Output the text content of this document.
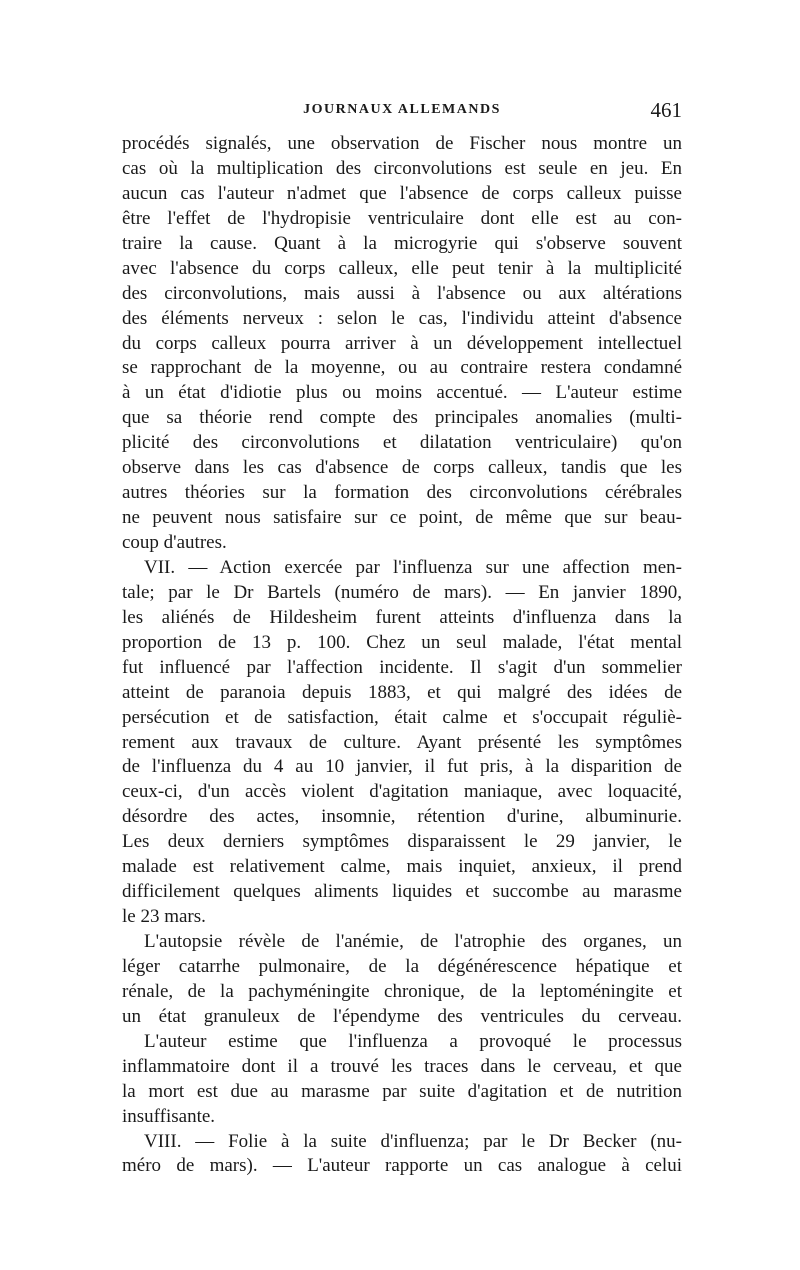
JOURNAUX ALLEMANDS	461
procédés signalés, une observation de Fischer nous montre un
cas où la multiplication des circonvolutions est seule en jeu. En
aucun cas l'auteur n'admet que l'absence de corps calleux puisse
être l'effet de l'hydropisie ventriculaire dont elle est au con-
traire la cause. Quant à la microgyrie qui s'observe souvent
avec l'absence du corps calleux, elle peut tenir à la multiplicité
des circonvolutions, mais aussi à l'absence ou aux altérations
des éléments nerveux : selon le cas, l'individu atteint d'absence
du corps calleux pourra arriver à un développement intellectuel
se rapprochant de la moyenne, ou au contraire restera condamné
à un état d'idiotie plus ou moins accentué. — L'auteur estime
que sa théorie rend compte des principales anomalies (multi-
plicité des circonvolutions et dilatation ventriculaire) qu'on
observe dans les cas d'absence de corps calleux, tandis que les
autres théories sur la formation des circonvolutions cérébrales
ne peuvent nous satisfaire sur ce point, de même que sur beau-
coup d'autres.
VII. — Action exercée par l'influenza sur une affection men-
tale; par le Dr Bartels (numéro de mars). — En janvier 1890,
les aliénés de Hildesheim furent atteints d'influenza dans la
proportion de 13 p. 100. Chez un seul malade, l'état mental
fut influencé par l'affection incidente. Il s'agit d'un sommelier
atteint de paranoia depuis 1883, et qui malgré des idées de
persécution et de satisfaction, était calme et s'occupait réguliè-
rement aux travaux de culture. Ayant présenté les symptômes
de l'influenza du 4 au 10 janvier, il fut pris, à la disparition de
ceux-ci, d'un accès violent d'agitation maniaque, avec loquacité,
désordre des actes, insomnie, rétention d'urine, albuminurie.
Les deux derniers symptômes disparaissent le 29 janvier, le
malade est relativement calme, mais inquiet, anxieux, il prend
difficilement quelques aliments liquides et succombe au marasme
le 23 mars.
L'autopsie révèle de l'anémie, de l'atrophie des organes, un
léger catarrhe pulmonaire, de la dégénérescence hépatique et
rénale, de la pachyméningite chronique, de la leptoméningite et
un état granuleux de l'épendyme des ventricules du cerveau.
L'auteur estime que l'influenza a provoqué le processus
inflammatoire dont il a trouvé les traces dans le cerveau, et que
la mort est due au marasme par suite d'agitation et de nutrition
insuffisante.
VIII. — Folie à la suite d'influenza; par le Dr Becker (nu-
méro de mars). — L'auteur rapporte un cas analogue à celui
